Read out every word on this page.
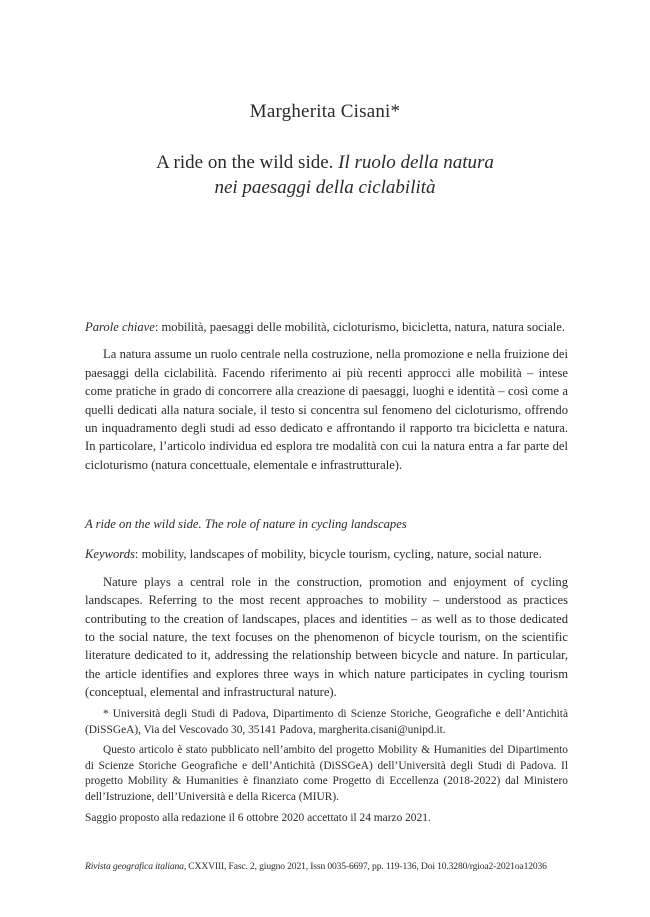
Margherita Cisani*
A ride on the wild side. Il ruolo della natura
nei paesaggi della ciclabilità

Parole chiave: mobilità, paesaggi delle mobilità, cicloturismo, bicicletta, natura, natura sociale.

La natura assume un ruolo centrale nella costruzione, nella promozione e nella fruizione dei paesaggi della ciclabilità. Facendo riferimento ai più recenti approcci alle mobilità – intese come pratiche in grado di concorrere alla creazione di paesaggi, luoghi e identità – così come a quelli dedicati alla natura sociale, il testo si concentra sul fenomeno del cicloturismo, offrendo un inquadramento degli studi ad esso dedicato e affrontando il rapporto tra bicicletta e natura. In particolare, l’articolo individua ed esplora tre modalità con cui la natura entra a far parte del cicloturismo (natura concettuale, elementale e infrastrutturale).

A ride on the wild side. The role of nature in cycling landscapes

Keywords: mobility, landscapes of mobility, bicycle tourism, cycling, nature, social nature.

Nature plays a central role in the construction, promotion and enjoyment of cycling landscapes. Referring to the most recent approaches to mobility – understood as practices contributing to the creation of landscapes, places and identities – as well as to those dedicated to the social nature, the text focuses on the phenomenon of bicycle tourism, on the scientific literature dedicated to it, addressing the relationship between bicycle and nature. In particular, the article identifies and explores three ways in which nature participates in cycling tourism (conceptual, elemental and infrastructural nature).

* Università degli Studi di Padova, Dipartimento di Scienze Storiche, Geografiche e dell’Antichità (DiSSGeA), Via del Vescovado 30, 35141 Padova, margherita.cisani@unipd.it.

Questo articolo è stato pubblicato nell’ambito del progetto Mobility & Humanities del Dipartimento di Scienze Storiche Geografiche e dell’Antichità (DiSSGeA) dell’Università degli Studi di Padova. Il progetto Mobility & Humanities è finanziato come Progetto di Eccellenza (2018-2022) dal Ministero dell’Istruzione, dell’Università e della Ricerca (MIUR).

Saggio proposto alla redazione il 6 ottobre 2020 accettato il 24 marzo 2021.

Rivista geografica italiana, CXXVIII, Fasc. 2, giugno 2021, Issn 0035-6697, pp. 119-136, Doi 10.3280/rgioa2-2021oa12036
